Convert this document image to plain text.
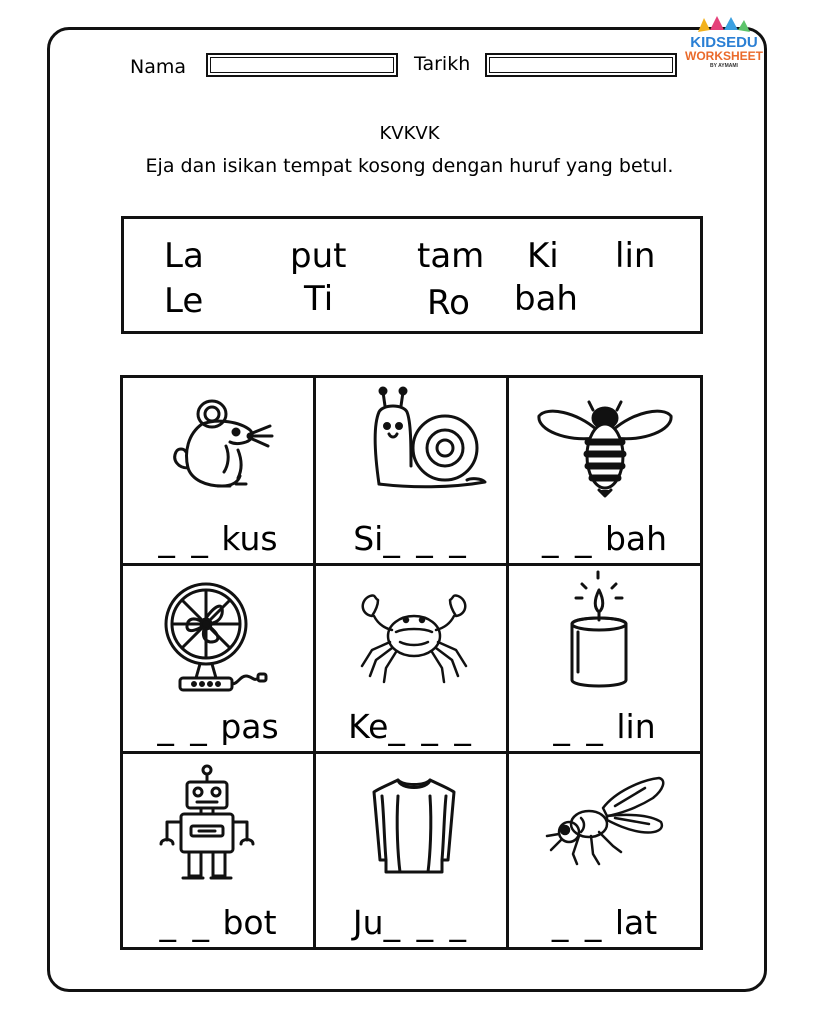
Nama	Tarikh
KIDSEDU
WORKSHEET
BY AYMAMI
KVKVK
Eja dan isikan tempat kosong dengan huruf yang betul.
La	put tam Ki lin
Le	Ti	Ro bah
_ _ kus	Si_ _ _	_ _ bah
_ _ pas	Ke_ _ _	_ _ lin
_ _ bot	Ju_ _ _	_ _ lat
